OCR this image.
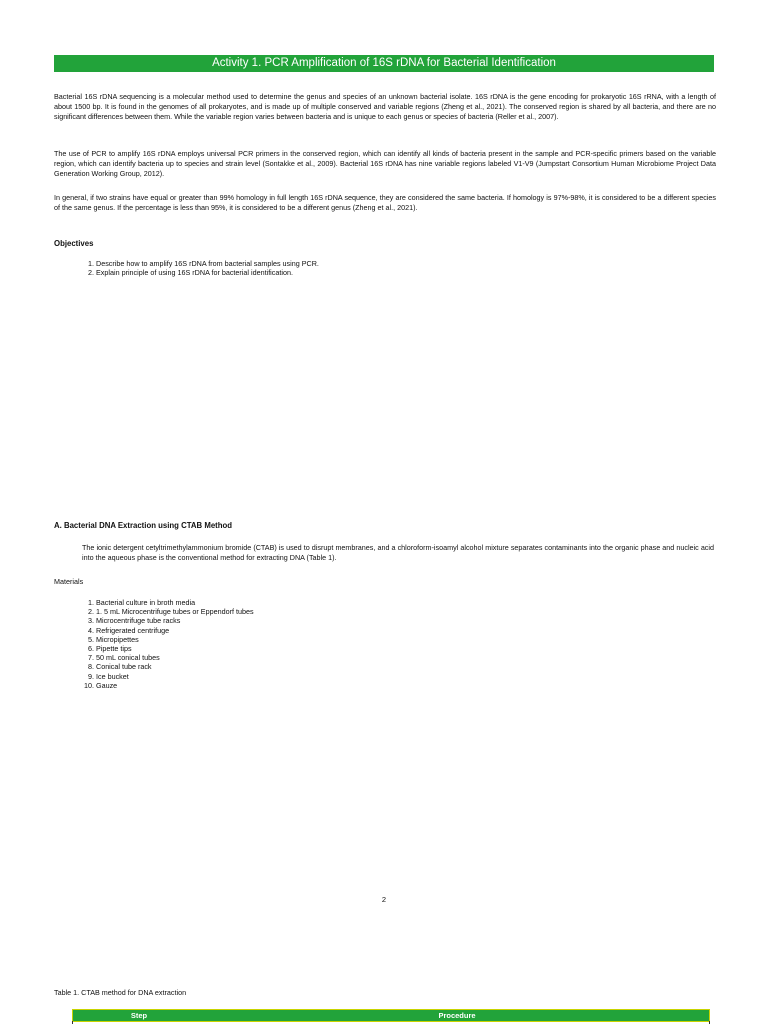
Activity 1. PCR Amplification of 16S rDNA for Bacterial Identification

Bacterial 16S rDNA sequencing is a molecular method used to determine the genus and species of an unknown bacterial isolate. 16S rDNA is the gene encoding for prokaryotic 16S rRNA, with a length of about 1500 bp. It is found in the genomes of all prokaryotes, and is made up of multiple conserved and variable regions (Zheng et al., 2021). The conserved region is shared by all bacteria, and there are no significant differences between them. While the variable region varies between bacteria and is unique to each genus or species of bacteria (Reller et al., 2007).

The use of PCR to amplify 16S rDNA employs universal PCR primers in the conserved region, which can identify all kinds of bacteria present in the sample and PCR-specific primers based on the variable region, which can identify bacteria up to species and strain level (Sontakke et al., 2009). Bacterial 16S rDNA has nine variable regions labeled V1-V9 (Jumpstart Consortium Human Microbiome Project Data Generation Working Group, 2012).

In general, if two strains have equal or greater than 99% homology in full length 16S rDNA sequence, they are considered the same bacteria. If homology is 97%-98%, it is considered to be a different species of the same genus. If the percentage is less than 95%, it is considered to be a different genus (Zheng et al., 2021).

Objectives
1. Describe how to amplify 16S rDNA from bacterial samples using PCR.
2. Explain principle of using 16S rDNA for bacterial identification.
A. Bacterial DNA Extraction using CTAB Method

The ionic detergent cetyltrimethylammonium bromide (CTAB) is used to disrupt membranes, and a chloroform-isoamyl alcohol mixture separates contaminants into the organic phase and nucleic acid into the aqueous phase is the conventional method for extracting DNA (Table 1).

Materials
1. Bacterial culture in broth media
2. 1. 5 mL Microcentrifuge tubes or Eppendorf tubes
3. Microcentrifuge tube racks
4. Refrigerated centrifuge
5. Micropipettes
6. Pipette tips
7. 50 mL conical tubes
8. Conical tube rack
9. Ice bucket
10. Gauze
2
Table 1. CTAB method for DNA extraction
Step	Procedure
